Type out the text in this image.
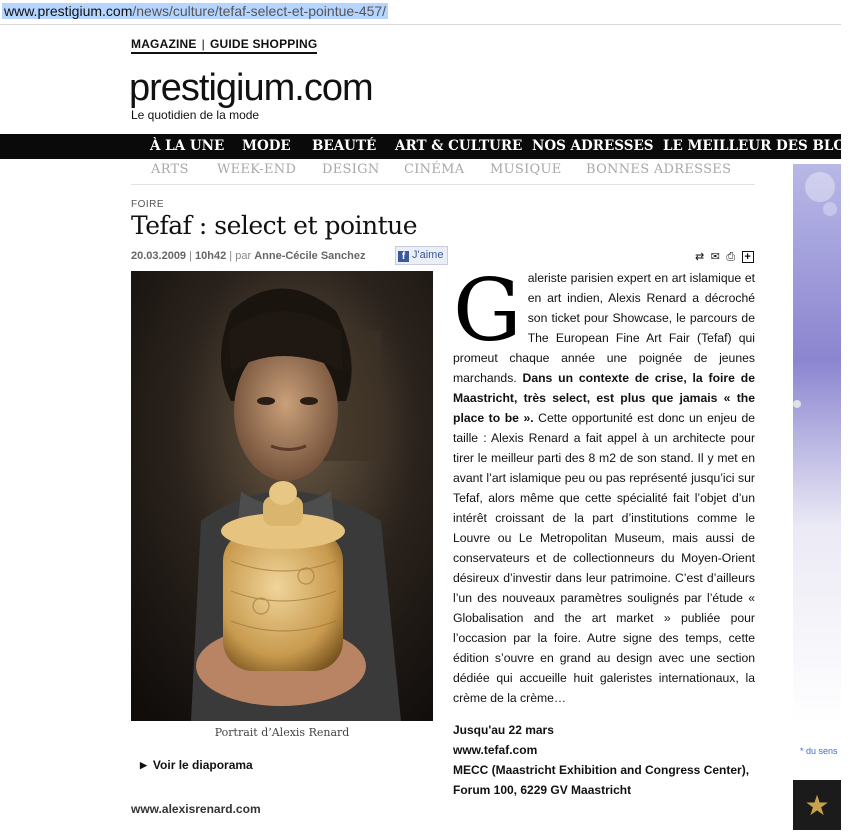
www.prestigium.com/news/culture/tefaf-select-et-pointue-457/
MAGAZINE | GUIDE SHOPPING
prestigium.com
Le quotidien de la mode
À LA UNE MODE BEAUTÉ ART & CULTURE NOS ADRESSES LE MEILLEUR DES BLOGS
ARTS WEEK-END DESIGN CINÉMA MUSIQUE BONNES ADRESSES
* du sens
★
FOIRE
Tefaf : select et pointue
20.03.2009 | 10h42 | par Anne-Cécile Sanchez	f J'aime	⇄ ✉ ⎙ +
Portrait d’Alexis Renard
▶ Voir le diaporama
www.alexisrenard.com
Galeriste parisien expert en art islamique et en art indien, Alexis Renard a décroché son ticket pour Showcase, le parcours de The European Fine Art Fair (Tefaf) qui promeut chaque année une poignée de jeunes marchands. Dans un contexte de crise, la foire de Maastricht, très select, est plus que jamais « the place to be ». Cette opportunité est donc un enjeu de taille : Alexis Renard a fait appel à un architecte pour tirer le meilleur parti des 8 m2 de son stand. Il y met en avant l’art islamique peu ou pas représenté jusqu’ici sur Tefaf, alors même que cette spécialité fait l’objet d’un intérêt croissant de la part d’institutions comme le Louvre ou Le Metropolitan Museum, mais aussi de conservateurs et de collectionneurs du Moyen-Orient désireux d’investir dans leur patrimoine. C’est d’ailleurs l’un des nouveaux paramètres soulignés par l’étude « Globalisation and the art market » publiée pour l’occasion par la foire. Autre signe des temps, cette édition s’ouvre en grand au design avec une section dédiée qui accueille huit galeristes internationaux, la crème de la crème…
Jusqu'au 22 mars
www.tefaf.com
MECC (Maastricht Exhibition and Congress Center),
Forum 100, 6229 GV Maastricht
